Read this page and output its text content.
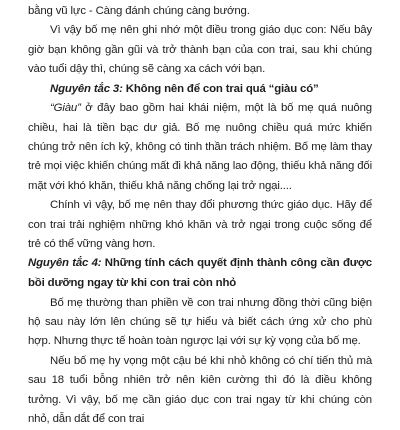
bằng vũ lực - Càng đánh chúng càng bướng.

Vì vậy bố mẹ nên ghi nhớ một điều trong giáo dục con: Nếu bây giờ bạn không gần gũi và trở thành bạn của con trai, sau khi chúng vào tuổi dậy thì, chúng sẽ càng xa cách với bạn.

Nguyên tắc 3: Không nên để con trai quá “giàu có”

“Giàu” ở đây bao gồm hai khái niệm, một là bố mẹ quá nuông chiều, hai là tiền bạc dư giả. Bố mẹ nuông chiều quá mức khiến chúng trở nên ích kỷ, không có tinh thần trách nhiệm. Bố mẹ làm thay trẻ mọi việc khiến chúng mất đi khả năng lao động, thiếu khả năng đối mặt với khó khăn, thiếu khả năng chống lại trở ngại....

Chính vì vậy, bố mẹ nên thay đổi phương thức giáo dục. Hãy để con trai trải nghiệm những khó khăn và trở ngại trong cuộc sống để trẻ có thể vững vàng hơn.

Nguyên tắc 4: Những tính cách quyết định thành công cần được bồi dưỡng ngay từ khi con trai còn nhỏ

Bố mẹ thường than phiền về con trai nhưng đồng thời cũng biện hộ sau này lớn lên chúng sẽ tự hiểu và biết cách ứng xử cho phù hợp. Nhưng thực tế hoàn toàn ngược lại với sự kỳ vọng của bố mẹ.

Nếu bố mẹ hy vọng một cậu bé khi nhỏ không có chí tiến thủ mà sau 18 tuổi bỗng nhiên trở nên kiên cường thì đó là điều không tưởng. Vì vậy, bố mẹ cần giáo dục con trai ngay từ khi chúng còn nhỏ, dẫn dắt để con trai
